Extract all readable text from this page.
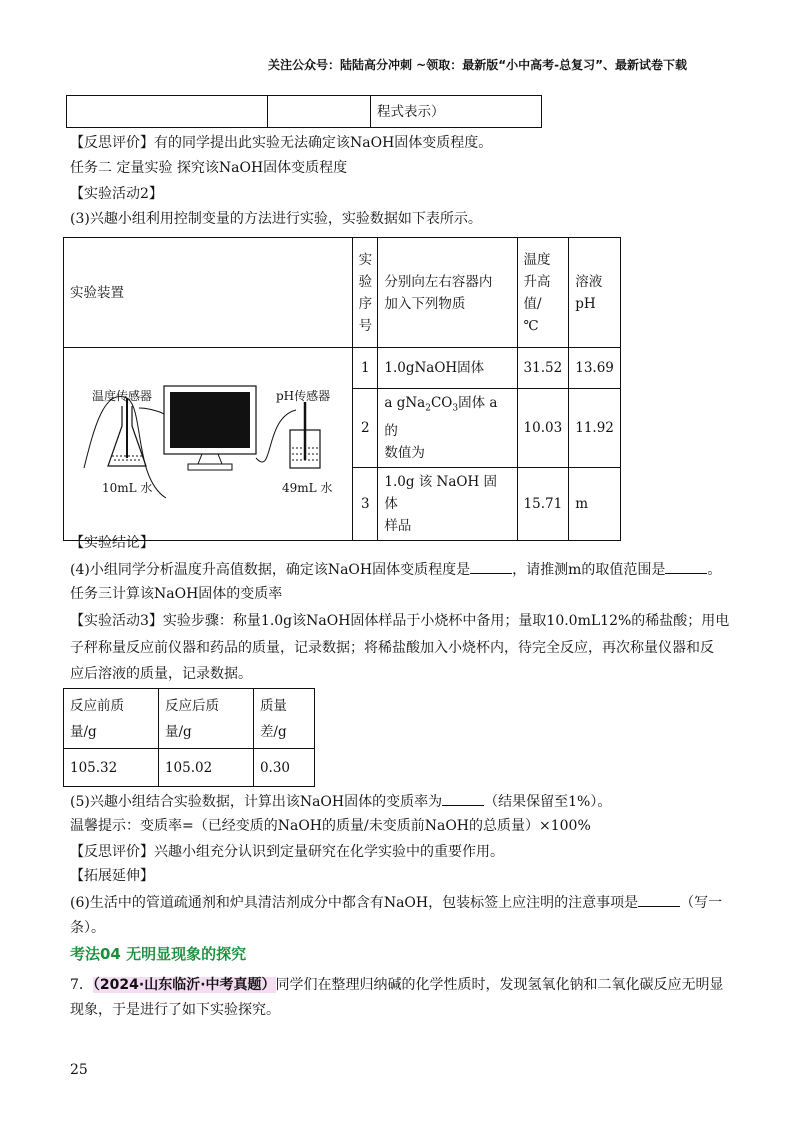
关注公众号：陆陆高分冲刺 ~领取：最新版“小中高考-总复习”、最新试卷下载
		程式表示）
【反思评价】有的同学提出此实验无法确定该NaOH固体变质程度。
任务二 定量实验 探究该NaOH固体变质程度
【实验活动2】
(3)兴趣小组利用控制变量的方法进行实验，实验数据如下表所示。
实验装置	实
验
序
号	分别向左右容器内
加入下列物质	温度
升高
值/
℃	溶液
pH

温度传感器 pH传感器
10mL 水 49mL 水	1	1.0gNaOH固体	31.52	13.69
	2	a $gNa_2CO_3$固体 a 的
数值为	10.03	11.92
	3	1.0g 该 NaOH 固体
样品	15.71	m
【实验结论】
(4)小组同学分析温度升高值数据，确定该NaOH固体变质程度是	，请推测m的取值范围是	。
任务三计算该NaOH固体的变质率
【实验活动3】实验步骤：称量1.0g该NaOH固体样品于小烧杯中备用；量取10.0mL12%的稀盐酸；用电
子秤称量反应前仪器和药品的质量，记录数据；将稀盐酸加入小烧杯内，待完全反应，再次称量仪器和反
应后溶液的质量，记录数据。
反应前质
量/g	反应后质
量/g	质量
差/g
105.32	105.02	0.30
(5)兴趣小组结合实验数据，计算出该NaOH固体的变质率为	（结果保留至1%）。
温馨提示：变质率=（已经变质的NaOH的质量/未变质前NaOH的总质量）×100%
【反思评价】兴趣小组充分认识到定量研究在化学实验中的重要作用。
【拓展延伸】
(6)生活中的管道疏通剂和炉具清洁剂成分中都含有NaOH，包装标签上应注明的注意事项是	（写一
条）。
考法04 无明显现象的探究
7．（2024·山东临沂·中考真题）同学们在整理归纳碱的化学性质时，发现氢氧化钠和二氧化碳反应无明显
现象，于是进行了如下实验探究。
25
